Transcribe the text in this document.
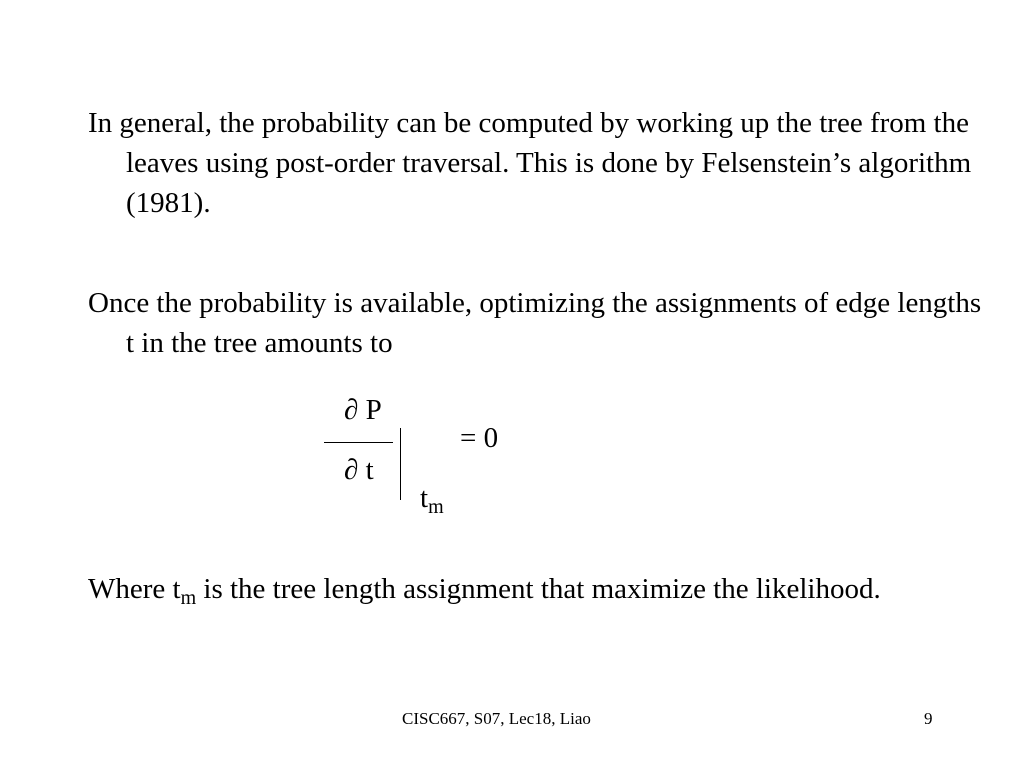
In general, the probability can be computed by working up the tree from the leaves using post-order traversal. This is done by Felsenstein’s algorithm (1981).

Once the probability is available, optimizing the assignments of edge lengths t in the tree amounts to

∂ P
∂ t
= 0
$t_m$

Where $t_m$ is the tree length assignment that maximize the likelihood.

CISC667, S07, Lec18, Liao	9
